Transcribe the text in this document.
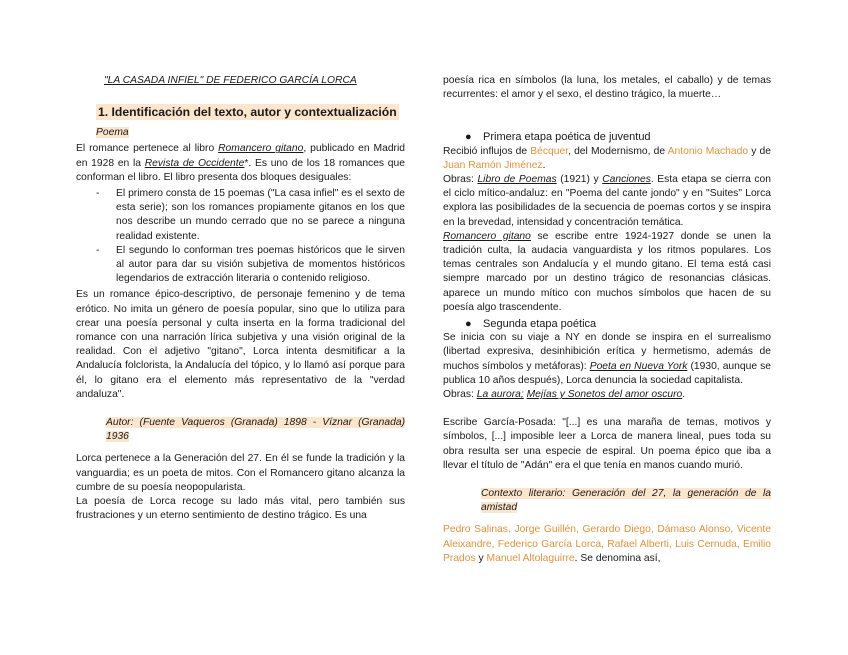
"LA CASADA INFIEL" DE FEDERICO GARCÍA LORCA

1. Identificación del texto, autor y contextualización
Poema

El romance pertenece al libro Romancero gitano, publicado en Madrid en 1928 en la Revista de Occidente*. Es uno de los 18 romances que conforman el libro. El libro presenta dos bloques desiguales:

- El primero consta de 15 poemas ("La casa infiel" es el sexto de esta serie); son los romances propiamente gitanos en los que nos describe un mundo cerrado que no se parece a ninguna realidad existente.
- El segundo lo conforman tres poemas históricos que le sirven al autor para dar su visión subjetiva de momentos históricos legendarios de extracción literaria o contenido religioso.

Es un romance épico-descriptivo, de personaje femenino y de tema erótico. No imita un género de poesía popular, sino que lo utiliza para crear una poesía personal y culta inserta en la forma tradicional del romance con una narración lírica subjetiva y una visión original de la realidad. Con el adjetivo "gitano", Lorca intenta desmitificar a la Andalucía folclorista, la Andalucía del tópico, y lo llamó así porque para él, lo gitano era el elemento más representativo de la "verdad andaluza".

Autor: (Fuente Vaqueros (Granada) 1898 - Víznar (Granada) 1936

Lorca pertenece a la Generación del 27. En él se funde la tradición y la vanguardia; es un poeta de mitos. Con el Romancero gitano alcanza la cumbre de su poesía neopopularista.

La poesía de Lorca recoge su lado más vital, pero también sus frustraciones y un eterno sentimiento de destino trágico. Es una

poesía rica en símbolos (la luna, los metales, el caballo) y de temas recurrentes: el amor y el sexo, el destino trágico, la muerte…

● Primera etapa poética de juventud

Recibió influjos de Bécquer, del Modernismo, de Antonio Machado y de Juan Ramón Jiménez.

Obras: Libro de Poemas (1921) y Canciones. Esta etapa se cierra con el ciclo mítico-andaluz: en "Poema del cante jondo" y en "Suites" Lorca explora las posibilidades de la secuencia de poemas cortos y se inspira en la brevedad, intensidad y concentración temática.

Romancero gitano se escribe entre 1924-1927 donde se unen la tradición culta, la audacia vanguardista y los ritmos populares. Los temas centrales son Andalucía y el mundo gitano. El tema está casi siempre marcado por un destino trágico de resonancias clásicas. aparece un mundo mítico con muchos símbolos que hacen de su poesía algo trascendente.

● Segunda etapa poética

Se inicia con su viaje a NY en donde se inspira en el surrealismo (libertad expresiva, desinhibición erítica y hermetismo, además de muchos símbolos y metáforas): Poeta en Nueva York (1930, aunque se publica 10 años después), Lorca denuncia la sociedad capitalista.

Obras: La aurora; Mejías y Sonetos del amor oscuro.

Escribe García-Posada: "[...] es una maraña de temas, motivos y símbolos, [...] imposible leer a Lorca de manera lineal, pues toda su obra resulta ser una especie de espiral. Un poema épico que iba a llevar el título de "Adán" era el que tenía en manos cuando murió.

Contexto literario: Generación del 27, la generación de la amistad

Pedro Salinas, Jorge Guillén, Gerardo Diego, Dámaso Alonso, Vicente Aleixandre, Federico García Lorca, Rafael Alberti, Luis Cernuda, Emilio Prados y Manuel Altolaguirre. Se denomina así,
